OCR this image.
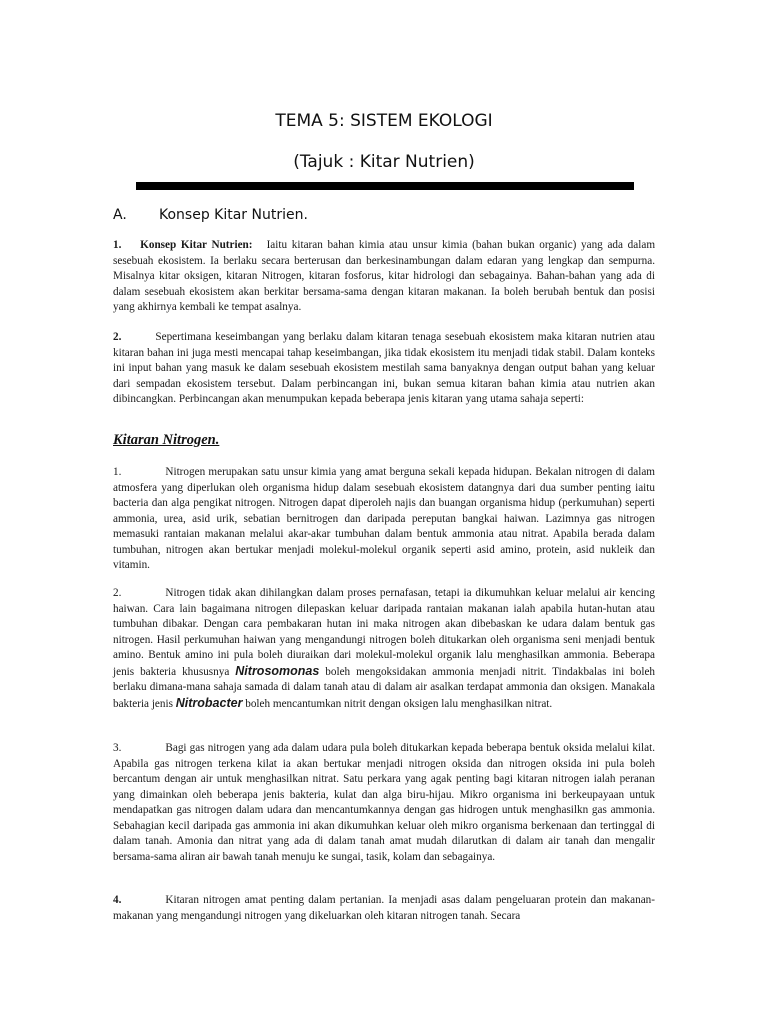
TEMA 5: SISTEM EKOLOGI
(Tajuk : Kitar Nutrien)
A. Konsep Kitar Nutrien.
1. Konsep Kitar Nutrien: Iaitu kitaran bahan kimia atau unsur kimia (bahan bukan organic) yang ada dalam sesebuah ekosistem. Ia berlaku secara berterusan dan berkesinambungan dalam edaran yang lengkap dan sempurna. Misalnya kitar oksigen, kitaran Nitrogen, kitaran fosforus, kitar hidrologi dan sebagainya. Bahan-bahan yang ada di dalam sesebuah ekosistem akan berkitar bersama-sama dengan kitaran makanan. Ia boleh berubah bentuk dan posisi yang akhirnya kembali ke tempat asalnya.
2.	Sepertimana keseimbangan yang berlaku dalam kitaran tenaga sesebuah ekosistem maka kitaran nutrien atau kitaran bahan ini juga mesti mencapai tahap keseimbangan, jika tidak ekosistem itu menjadi tidak stabil. Dalam konteks ini input bahan yang masuk ke dalam sesebuah ekosistem mestilah sama banyaknya dengan output bahan yang keluar dari sempadan ekosistem tersebut. Dalam perbincangan ini, bukan semua kitaran bahan kimia atau nutrien akan dibincangkan. Perbincangan akan menumpukan kepada beberapa jenis kitaran yang utama sahaja seperti:
Kitaran Nitrogen.
1.	Nitrogen merupakan satu unsur kimia yang amat berguna sekali kepada hidupan. Bekalan nitrogen di dalam atmosfera yang diperlukan oleh organisma hidup dalam sesebuah ekosistem datangnya dari dua sumber penting iaitu bacteria dan alga pengikat nitrogen. Nitrogen dapat diperoleh najis dan buangan organisma hidup (perkumuhan) seperti ammonia, urea, asid urik, sebatian bernitrogen dan daripada pereputan bangkai haiwan. Lazimnya gas nitrogen memasuki rantaian makanan melalui akar-akar tumbuhan dalam bentuk ammonia atau nitrat. Apabila berada dalam tumbuhan, nitrogen akan bertukar menjadi molekul-molekul organik seperti asid amino, protein, asid nukleik dan vitamin.
2.	Nitrogen tidak akan dihilangkan dalam proses pernafasan, tetapi ia dikumuhkan keluar melalui air kencing haiwan. Cara lain bagaimana nitrogen dilepaskan keluar daripada rantaian makanan ialah apabila hutan-hutan atau tumbuhan dibakar. Dengan cara pembakaran hutan ini maka nitrogen akan dibebaskan ke udara dalam bentuk gas nitrogen. Hasil perkumuhan haiwan yang mengandungi nitrogen boleh ditukarkan oleh organisma seni menjadi bentuk amino. Bentuk amino ini pula boleh diuraikan dari molekul-molekul organik lalu menghasilkan ammonia. Beberapa jenis bakteria khususnya Nitrosomonas boleh mengoksidakan ammonia menjadi nitrit. Tindakbalas ini boleh berlaku dimana-mana sahaja samada di dalam tanah atau di dalam air asalkan terdapat ammonia dan oksigen. Manakala bakteria jenis Nitrobacter boleh mencantumkan nitrit dengan oksigen lalu menghasilkan nitrat.
3.	Bagi gas nitrogen yang ada dalam udara pula boleh ditukarkan kepada beberapa bentuk oksida melalui kilat. Apabila gas nitrogen terkena kilat ia akan bertukar menjadi nitrogen oksida dan nitrogen oksida ini pula boleh bercantum dengan air untuk menghasilkan nitrat. Satu perkara yang agak penting bagi kitaran nitrogen ialah peranan yang dimainkan oleh beberapa jenis bakteria, kulat dan alga biru-hijau. Mikro organisma ini berkeupayaan untuk mendapatkan gas nitrogen dalam udara dan mencantumkannya dengan gas hidrogen untuk menghasilkn gas ammonia. Sebahagian kecil daripada gas ammonia ini akan dikumuhkan keluar oleh mikro organisma berkenaan dan tertinggal di dalam tanah. Amonia dan nitrat yang ada di dalam tanah amat mudah dilarutkan di dalam air tanah dan mengalir bersama-sama aliran air bawah tanah menuju ke sungai, tasik, kolam dan sebagainya.
4.	Kitaran nitrogen amat penting dalam pertanian. Ia menjadi asas dalam pengeluaran protein dan makanan-makanan yang mengandungi nitrogen yang dikeluarkan oleh kitaran nitrogen tanah. Secara
